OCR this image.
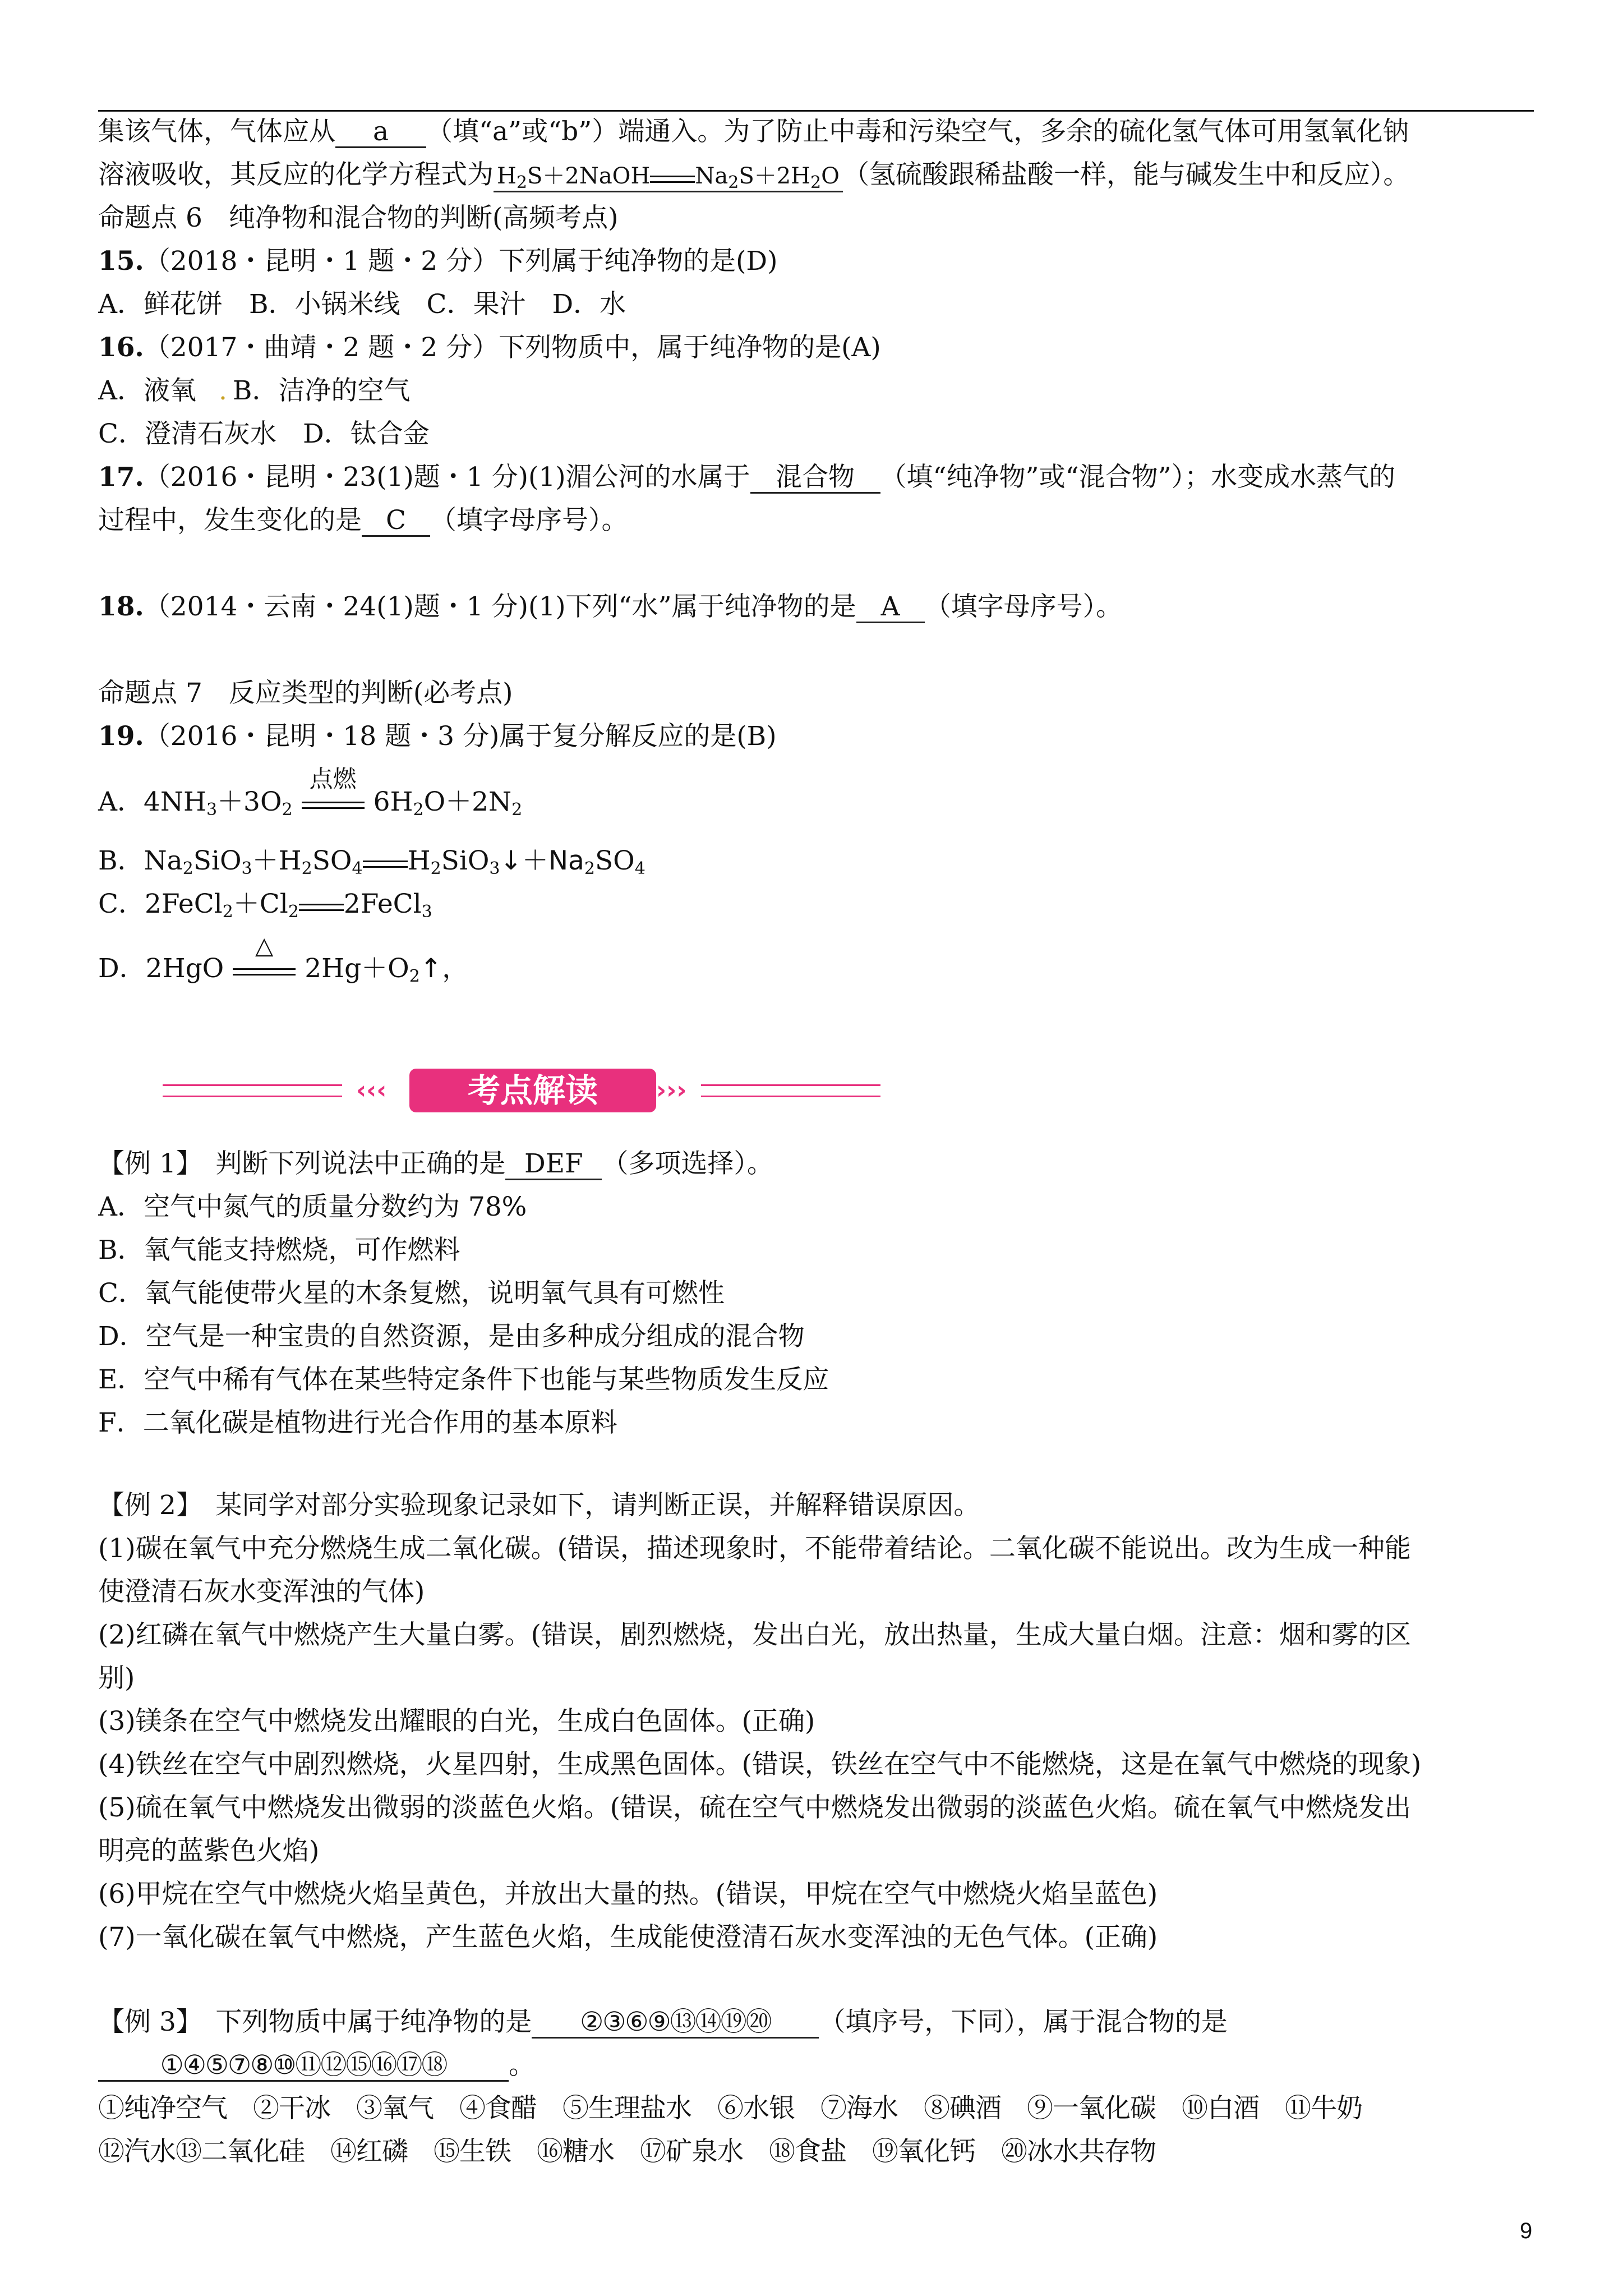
集该气体，气体应从 a （填“a”或“b”）端通入。为了防止中毒和污染空气，多余的硫化氢气体可用氢氧化钠
溶液吸收，其反应的化学方程式为 $H_2S+2NaOH$ $Na_2S+2H_2O$ （氢硫酸跟稀盐酸一样，能与碱发生中和反应）。
命题点 6　纯净物和混合物的判断(高频考点)
15.（2018・昆明・1 题・2 分）下列属于纯净物的是(D)
A．鲜花饼　B．小锅米线　C．果汁　D．水
16.（2017・曲靖・2 题・2 分）下列物质中，属于纯净物的是(A)
A．液氧 . B．洁净的空气
C．澄清石灰水　D．钛合金
17.（2016・昆明・23(1)题・1 分)(1)湄公河的水属于 混合物 （填“纯净物”或“混合物”）；水变成水蒸气的
过程中，发生变化的是 C （填字母序号）。
18.（2014・云南・24(1)题・1 分)(1)下列“水”属于纯净物的是 A （填字母序号）。
命题点 7　反应类型的判断(必考点)
19.（2016・昆明・18 题・3 分)属于复分解反应的是(B)
A．$4NH_3+3O_2$
点燃
$6H_2O+2N_2$
B．$Na_2SiO_3+H_2SO_4$ $H_2SiO_3↓+Na_2SO_4$
C．$2FeCl_2+Cl_2$ 2FeCl$_3$
D．2HgO
△
$2Hg+O_2↑$，
‹‹‹	考点解读	›››
【例 1】　判断下列说法中正确的是 DEF （多项选择）。
A．空气中氮气的质量分数约为 78%
B．氧气能支持燃烧，可作燃料
C．氧气能使带火星的木条复燃，说明氧气具有可燃性
D．空气是一种宝贵的自然资源，是由多种成分组成的混合物
E．空气中稀有气体在某些特定条件下也能与某些物质发生反应
F．二氧化碳是植物进行光合作用的基本原料
【例 2】　某同学对部分实验现象记录如下，请判断正误，并解释错误原因。
(1)碳在氧气中充分燃烧生成二氧化碳。(错误，描述现象时，不能带着结论。二氧化碳不能说出。改为生成一种能
使澄清石灰水变浑浊的气体)
(2)红磷在氧气中燃烧产生大量白雾。(错误，剧烈燃烧，发出白光，放出热量，生成大量白烟。注意：烟和雾的区
别)
(3)镁条在空气中燃烧发出耀眼的白光，生成白色固体。(正确)
(4)铁丝在空气中剧烈燃烧，火星四射，生成黑色固体。(错误，铁丝在空气中不能燃烧，这是在氧气中燃烧的现象)
(5)硫在氧气中燃烧发出微弱的淡蓝色火焰。(错误，硫在空气中燃烧发出微弱的淡蓝色火焰。硫在氧气中燃烧发出
明亮的蓝紫色火焰)
(6)甲烷在空气中燃烧火焰呈黄色，并放出大量的热。(错误，甲烷在空气中燃烧火焰呈蓝色)
(7)一氧化碳在氧气中燃烧，产生蓝色火焰，生成能使澄清石灰水变浑浊的无色气体。(正确)
【例 3】　下列物质中属于纯净物的是 ②③⑥⑨⑬⑭⑲⑳ （填序号，下同），属于混合物的是
①④⑤⑦⑧⑩⑪⑫⑮⑯⑰⑱ 。
①纯净空气　②干冰　③氧气　④食醋　⑤生理盐水　⑥水银　⑦海水　⑧碘酒　⑨一氧化碳　⑩白酒　⑪牛奶
⑫汽水⑬二氧化硅　⑭红磷　⑮生铁　⑯糖水　⑰矿泉水　⑱食盐　⑲氧化钙　⑳冰水共存物
9
